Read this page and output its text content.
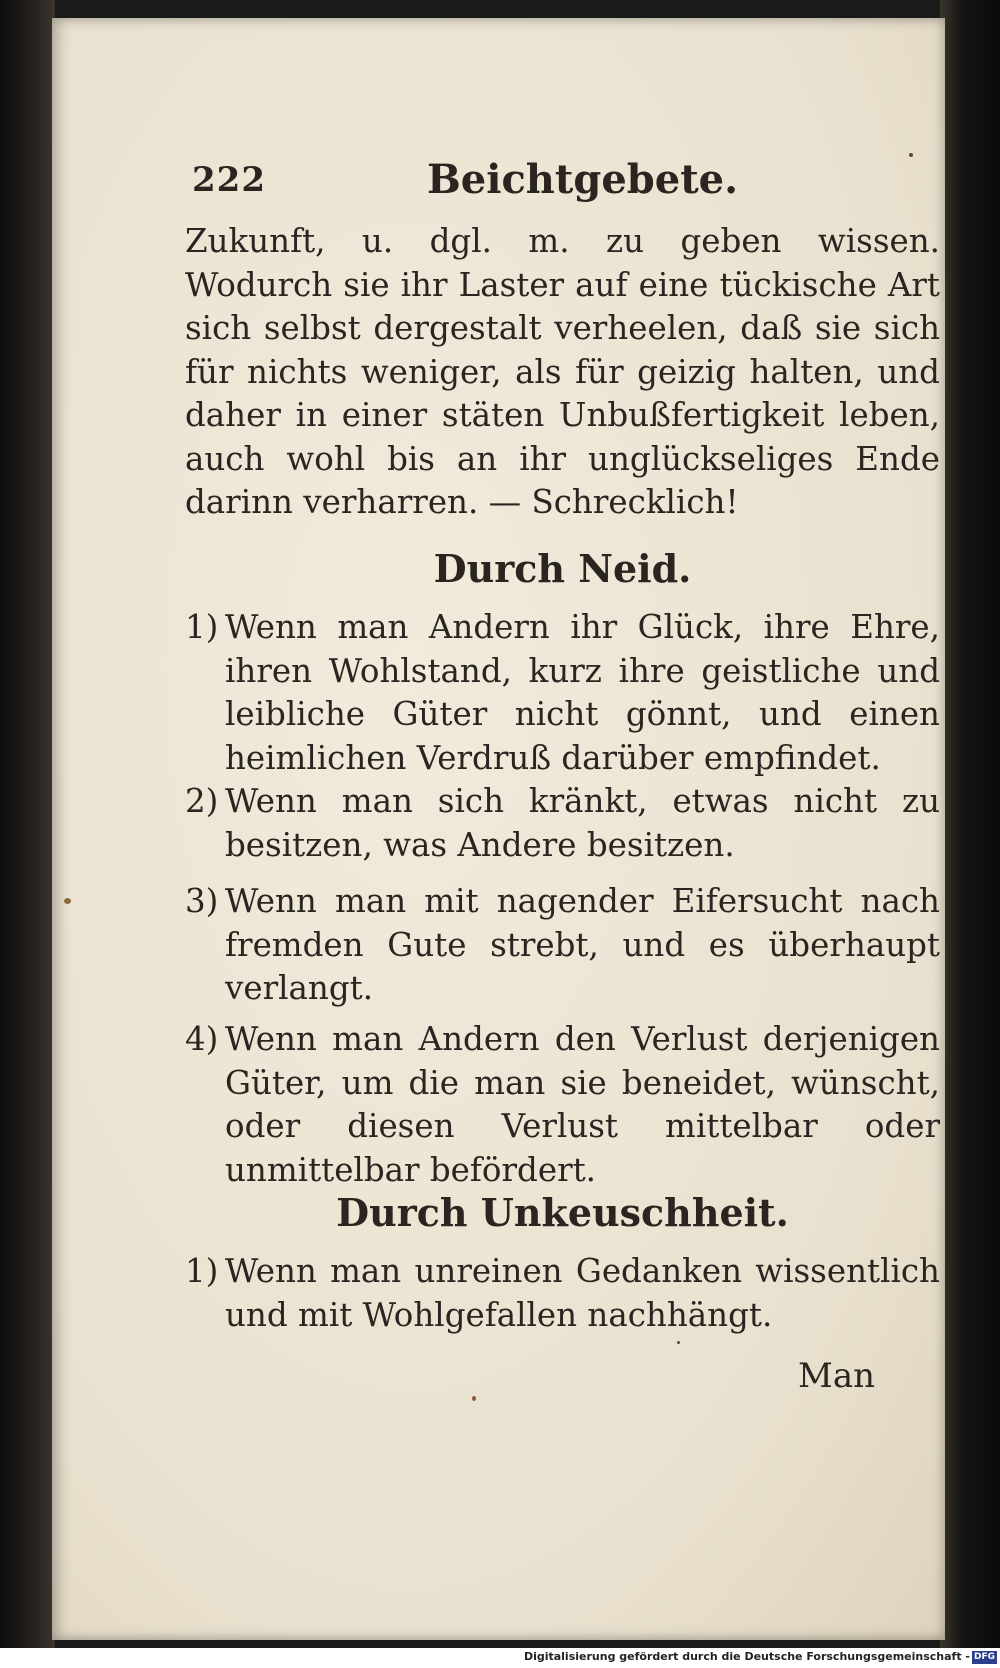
222	Beichtgebete.
Zukunft, u. dgl. m. zu geben wissen. Wodurch sie ihr Laster auf eine tückische Art sich selbst dergestalt verheelen, daß sie sich für nichts weniger, als für geizig halten, und daher in einer stäten Unbußfertigkeit leben, auch wohl bis an ihr unglückseliges Ende darinn verharren. — Schrecklich!
Durch Neid.
1) Wenn man Andern ihr Glück, ihre Ehre, ihren Wohlstand, kurz ihre geistliche und leibliche Güter nicht gönnt, und einen heimlichen Verdruß darüber empfindet.
2) Wenn man sich kränkt, etwas nicht zu besitzen, was Andere besitzen.
3) Wenn man mit nagender Eifersucht nach fremden Gute strebt, und es überhaupt verlangt.
4) Wenn man Andern den Verlust derjenigen Güter, um die man sie beneidet, wünscht, oder diesen Verlust mittelbar oder unmittelbar befördert.
Durch Unkeuschheit.
1) Wenn man unreinen Gedanken wissentlich und mit Wohlgefallen nachhängt.
Man
Digitalisierung gefördert durch die Deutsche Forschungsgemeinschaft - DFG
